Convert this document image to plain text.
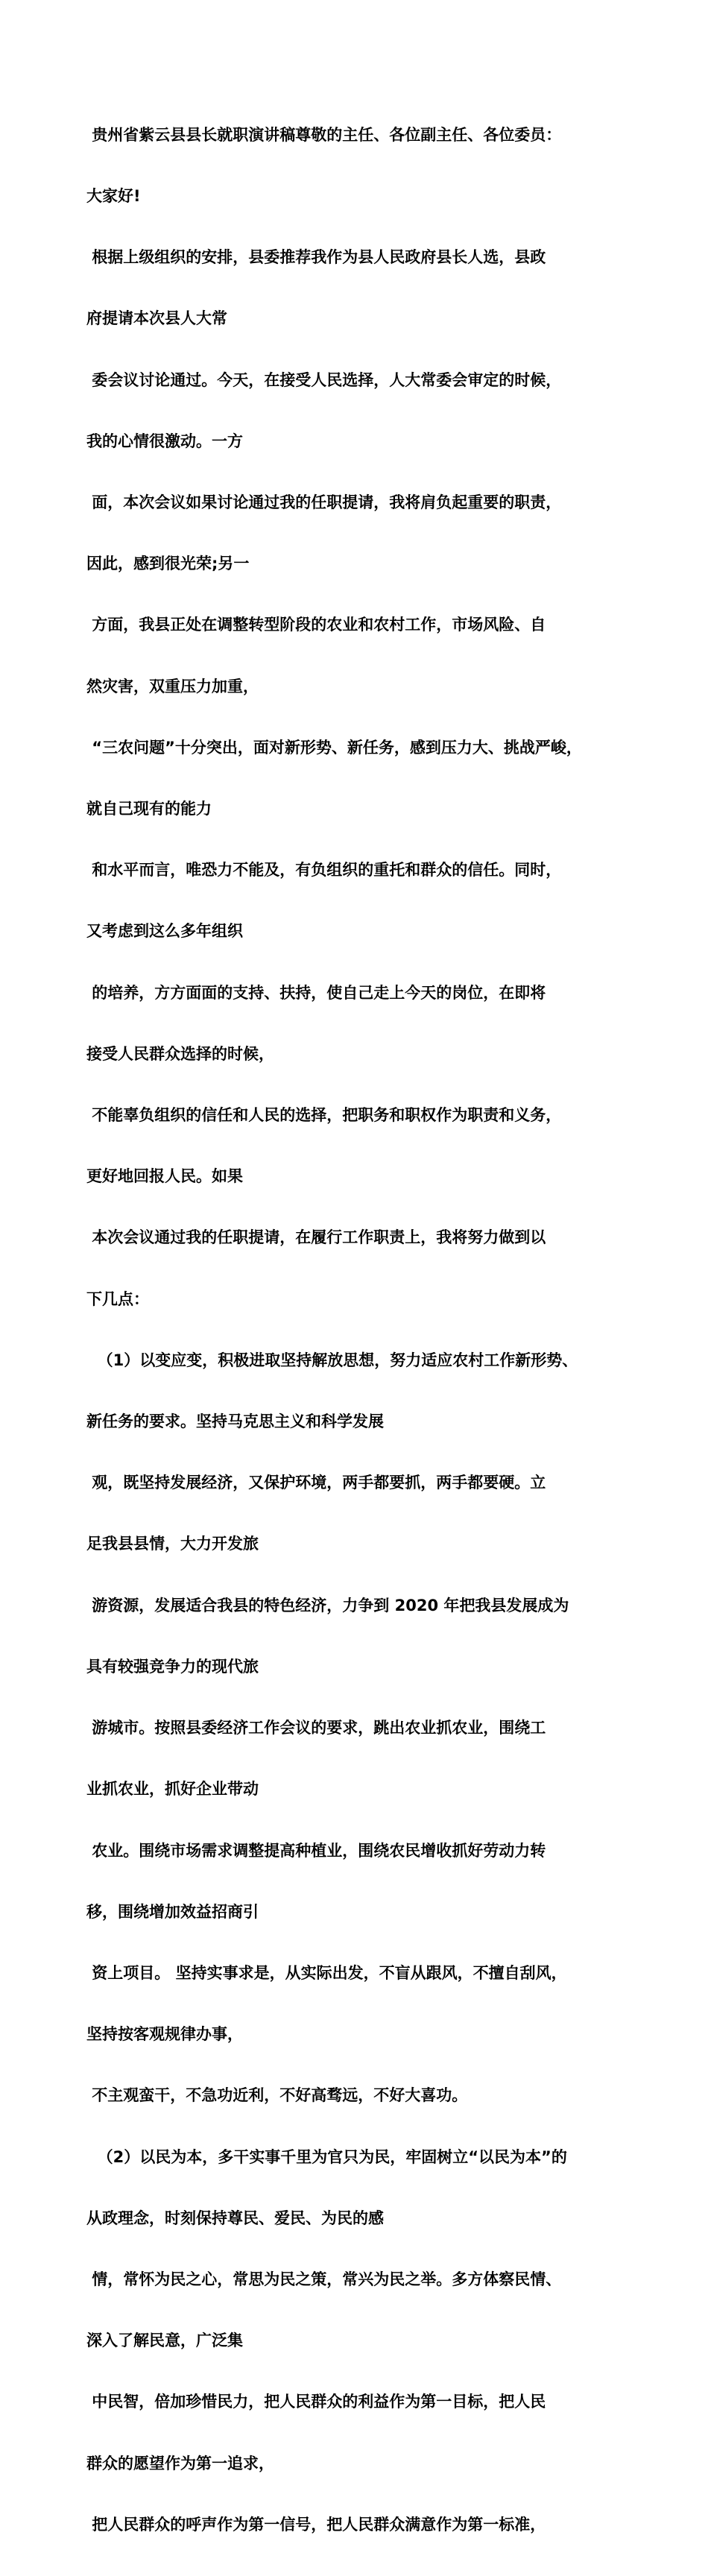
贵州省紫云县县长就职演讲稿尊敬的主任、各位副主任、各位委员：

大家好!

根据上级组织的安排，县委推荐我作为县人民政府县长人选，县政

府提请本次县人大常

委会议讨论通过。今天，在接受人民选择，人大常委会审定的时候，

我的心情很激动。一方

面，本次会议如果讨论通过我的任职提请，我将肩负起重要的职责，

因此，感到很光荣;另一

方面，我县正处在调整转型阶段的农业和农村工作，市场风险、自

然灾害，双重压力加重，

“三农问题”十分突出，面对新形势、新任务，感到压力大、挑战严峻，

就自己现有的能力

和水平而言，唯恐力不能及，有负组织的重托和群众的信任。同时，

又考虑到这么多年组织

的培养，方方面面的支持、扶持，使自己走上今天的岗位，在即将

接受人民群众选择的时候，

不能辜负组织的信任和人民的选择，把职务和职权作为职责和义务，

更好地回报人民。如果

本次会议通过我的任职提请，在履行工作职责上，我将努力做到以

下几点：

（1）以变应变，积极进取坚持解放思想，努力适应农村工作新形势、

新任务的要求。坚持马克思主义和科学发展

观，既坚持发展经济，又保护环境，两手都要抓，两手都要硬。立

足我县县情，大力开发旅

游资源，发展适合我县的特色经济，力争到 2020 年把我县发展成为

具有较强竞争力的现代旅

游城市。按照县委经济工作会议的要求，跳出农业抓农业，围绕工

业抓农业，抓好企业带动

农业。围绕市场需求调整提高种植业，围绕农民增收抓好劳动力转

移，围绕增加效益招商引

资上项目。 坚持实事求是，从实际出发，不盲从跟风，不擅自刮风，

坚持按客观规律办事，

不主观蛮干，不急功近利，不好高骛远，不好大喜功。

（2）以民为本，多干实事千里为官只为民，牢固树立“以民为本”的

从政理念，时刻保持尊民、爱民、为民的感

情，常怀为民之心，常思为民之策，常兴为民之举。多方体察民情、

深入了解民意，广泛集

中民智，倍加珍惜民力，把人民群众的利益作为第一目标，把人民

群众的愿望作为第一追求，

把人民群众的呼声作为第一信号，把人民群众满意作为第一标准，
